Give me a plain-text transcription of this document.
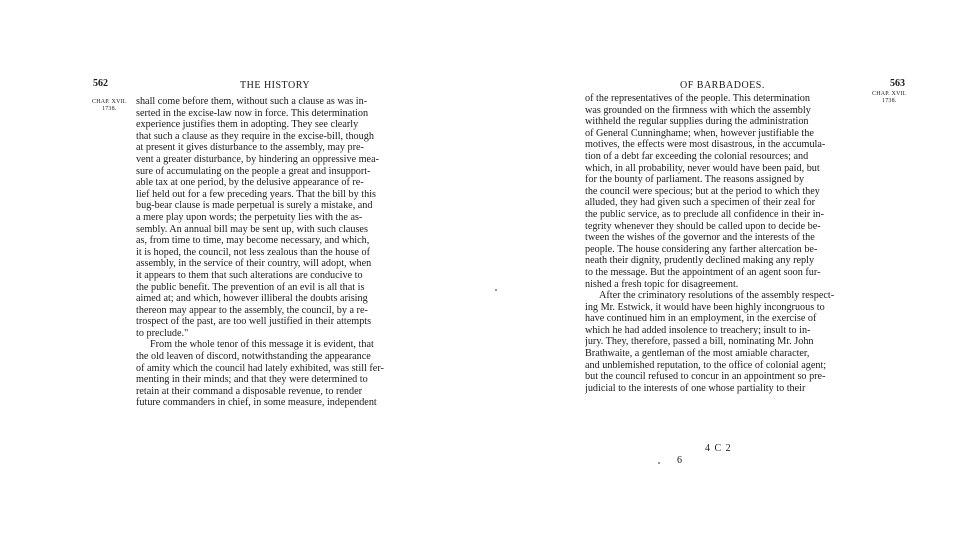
562	THE HISTORY
CHAP. XVII.
1738.
shall come before them, without such a clause as was in-
serted in the excise-law now in force. This determination
experience justifies them in adopting. They see clearly
that such a clause as they require in the excise-bill, though
at present it gives disturbance to the assembly, may pre-
vent a greater disturbance, by hindering an oppressive mea-
sure of accumulating on the people a great and insupport-
able tax at one period, by the delusive appearance of re-
lief held out for a few preceding years. That the bill by this
bug-bear clause is made perpetual is surely a mistake, and
a mere play upon words; the perpetuity lies with the as-
sembly. An annual bill may be sent up, with such clauses
as, from time to time, may become necessary, and which,
it is hoped, the council, not less zealous than the house of
assembly, in the service of their country, will adopt, when
it appears to them that such alterations are conducive to
the public benefit. The prevention of an evil is all that is
aimed at; and which, however illiberal the doubts arising
thereon may appear to the assembly, the council, by a re-
trospect of the past, are too well justified in their attempts
to preclude."
From the whole tenor of this message it is evident, that
the old leaven of discord, notwithstanding the appearance
of amity which the council had lately exhibited, was still fer-
menting in their minds; and that they were determined to
retain at their command a disposable revenue, to render
future commanders in chief, in some measure, independent
OF BARBADOES.	563
CHAP. XVII.
1738.
of the representatives of the people. This determination
was grounded on the firmness with which the assembly
withheld the regular supplies during the administration
of General Cunninghame; when, however justifiable the
motives, the effects were most disastrous, in the accumula-
tion of a debt far exceeding the colonial resources; and
which, in all probability, never would have been paid, but
for the bounty of parliament. The reasons assigned by
the council were specious; but at the period to which they
alluded, they had given such a specimen of their zeal for
the public service, as to preclude all confidence in their in-
tegrity whenever they should be called upon to decide be-
tween the wishes of the governor and the interests of the
people. The house considering any farther altercation be-
neath their dignity, prudently declined making any reply
to the message. But the appointment of an agent soon fur-
nished a fresh topic for disagreement.
After the criminatory resolutions of the assembly respect-
ing Mr. Estwick, it would have been highly incongruous to
have continued him in an employment, in the exercise of
which he had added insolence to treachery; insult to in-
jury. They, therefore, passed a bill, nominating Mr. John
Brathwaite, a gentleman of the most amiable character,
and unblemished reputation, to the office of colonial agent;
but the council refused to concur in an appointment so pre-
judicial to the interests of one whose partiality to their
4 C 2
6
